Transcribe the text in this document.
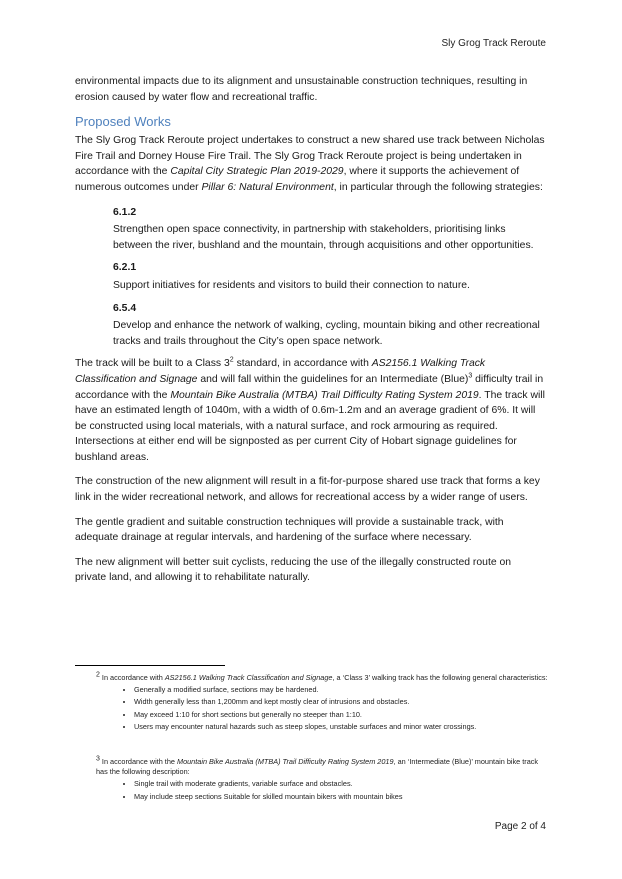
Sly Grog Track Reroute

environmental impacts due to its alignment and unsustainable construction techniques, resulting in erosion caused by water flow and recreational traffic.

Proposed Works

The Sly Grog Track Reroute project undertakes to construct a new shared use track between Nicholas Fire Trail and Dorney House Fire Trail. The Sly Grog Track Reroute project is being undertaken in accordance with the Capital City Strategic Plan 2019-2029, where it supports the achievement of numerous outcomes under Pillar 6: Natural Environment, in particular through the following strategies:

6.1.2
Strengthen open space connectivity, in partnership with stakeholders, prioritising links between the river, bushland and the mountain, through acquisitions and other opportunities.
6.2.1
Support initiatives for residents and visitors to build their connection to nature.
6.5.4
Develop and enhance the network of walking, cycling, mountain biking and other recreational tracks and trails throughout the City’s open space network.

The track will be built to a Class $3^2$ standard, in accordance with AS2156.1 Walking Track Classification and Signage and will fall within the guidelines for an Intermediate (Blue)$^3$ difficulty trail in accordance with the Mountain Bike Australia (MTBA) Trail Difficulty Rating System 2019. The track will have an estimated length of 1040m, with a width of 0.6m-1.2m and an average gradient of 6%. It will be constructed using local materials, with a natural surface, and rock armouring as required. Intersections at either end will be signposted as per current City of Hobart signage guidelines for bushland areas.

The construction of the new alignment will result in a fit-for-purpose shared use track that forms a key link in the wider recreational network, and allows for recreational access by a wider range of users.

The gentle gradient and suitable construction techniques will provide a sustainable track, with adequate drainage at regular intervals, and hardening of the surface where necessary.

The new alignment will better suit cyclists, reducing the use of the illegally constructed route on private land, and allowing it to rehabilitate naturally.

$^2$ In accordance with AS2156.1 Walking Track Classification and Signage, a ‘Class 3’ walking track has the following general characteristics:
• Generally a modified surface, sections may be hardened.
• Width generally less than 1,200mm and kept mostly clear of intrusions and obstacles.
• May exceed 1:10 for short sections but generally no steeper than 1:10.
• Users may encounter natural hazards such as steep slopes, unstable surfaces and minor water crossings.
$^3$ In accordance with the Mountain Bike Australia (MTBA) Trail Difficulty Rating System 2019, an ‘Intermediate (Blue)’ mountain bike track has the following description:
• Single trail with moderate gradients, variable surface and obstacles.
• May include steep sections Suitable for skilled mountain bikers with mountain bikes
Page 2 of 4
